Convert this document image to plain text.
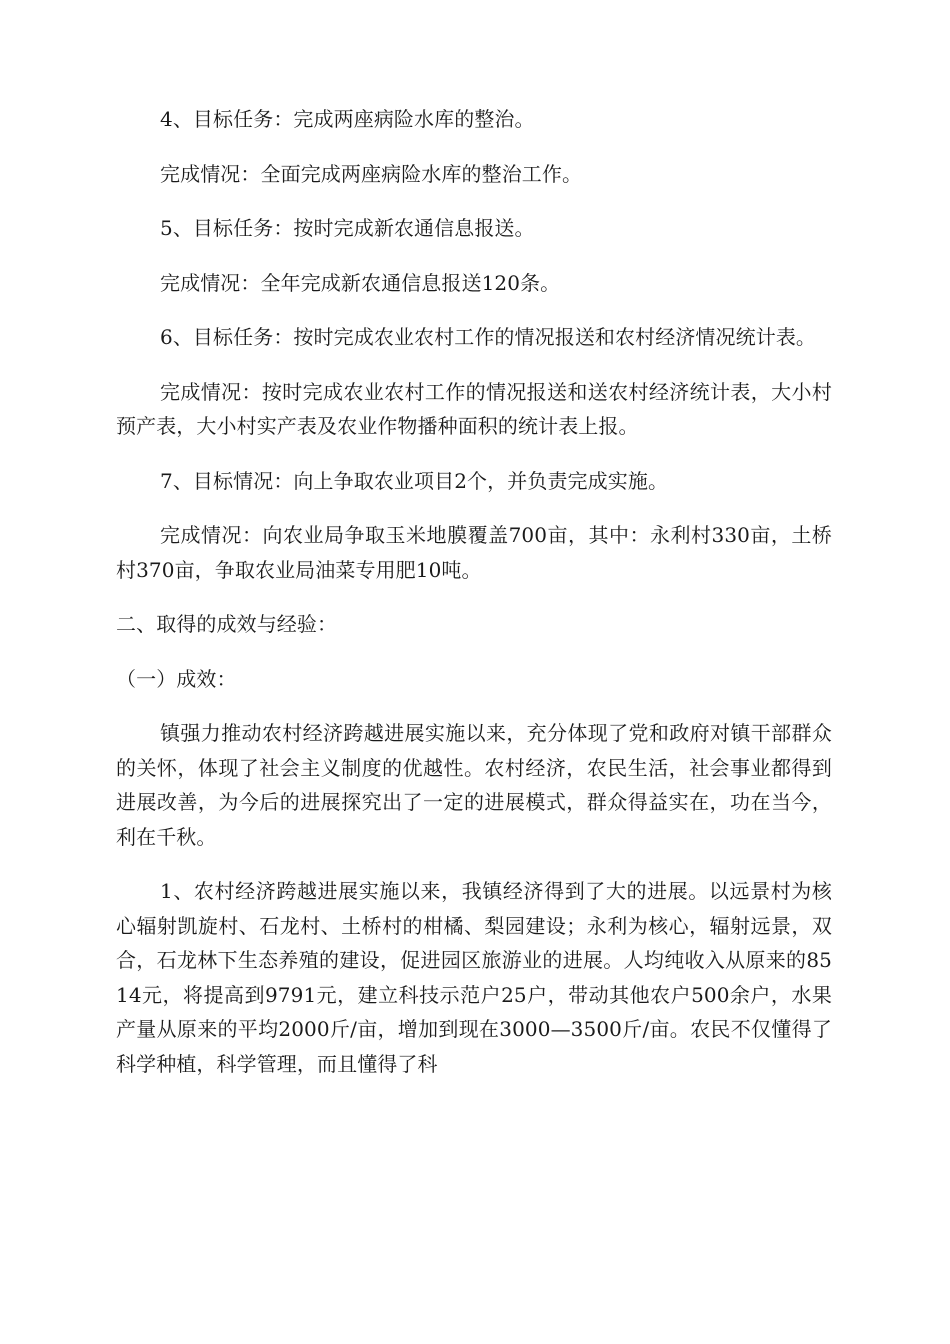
4、目标任务：完成两座病险水库的整治。

完成情况：全面完成两座病险水库的整治工作。

5、目标任务：按时完成新农通信息报送。

完成情况：全年完成新农通信息报送120条。

6、目标任务：按时完成农业农村工作的情况报送和农村经济情况统计表。

完成情况：按时完成农业农村工作的情况报送和送农村经济统计表，大小村预产表，大小村实产表及农业作物播种面积的统计表上报。

7、目标情况：向上争取农业项目2个，并负责完成实施。

完成情况：向农业局争取玉米地膜覆盖700亩，其中：永利村330亩，土桥村370亩，争取农业局油菜专用肥10吨。

二、取得的成效与经验：

（一）成效：

镇强力推动农村经济跨越进展实施以来，充分体现了党和政府对镇干部群众的关怀，体现了社会主义制度的优越性。农村经济，农民生活，社会事业都得到进展改善，为今后的进展探究出了一定的进展模式，群众得益实在，功在当今，利在千秋。

1、农村经济跨越进展实施以来，我镇经济得到了大的进展。以远景村为核心辐射凯旋村、石龙村、土桥村的柑橘、梨园建设；永利为核心，辐射远景，双合，石龙林下生态养殖的建设，促进园区旅游业的进展。人均纯收入从原来的8514元，将提高到9791元，建立科技示范户25户，带动其他农户500余户，水果产量从原来的平均2000斤/亩，增加到现在3000—3500斤/亩。农民不仅懂得了科学种植，科学管理，而且懂得了科
